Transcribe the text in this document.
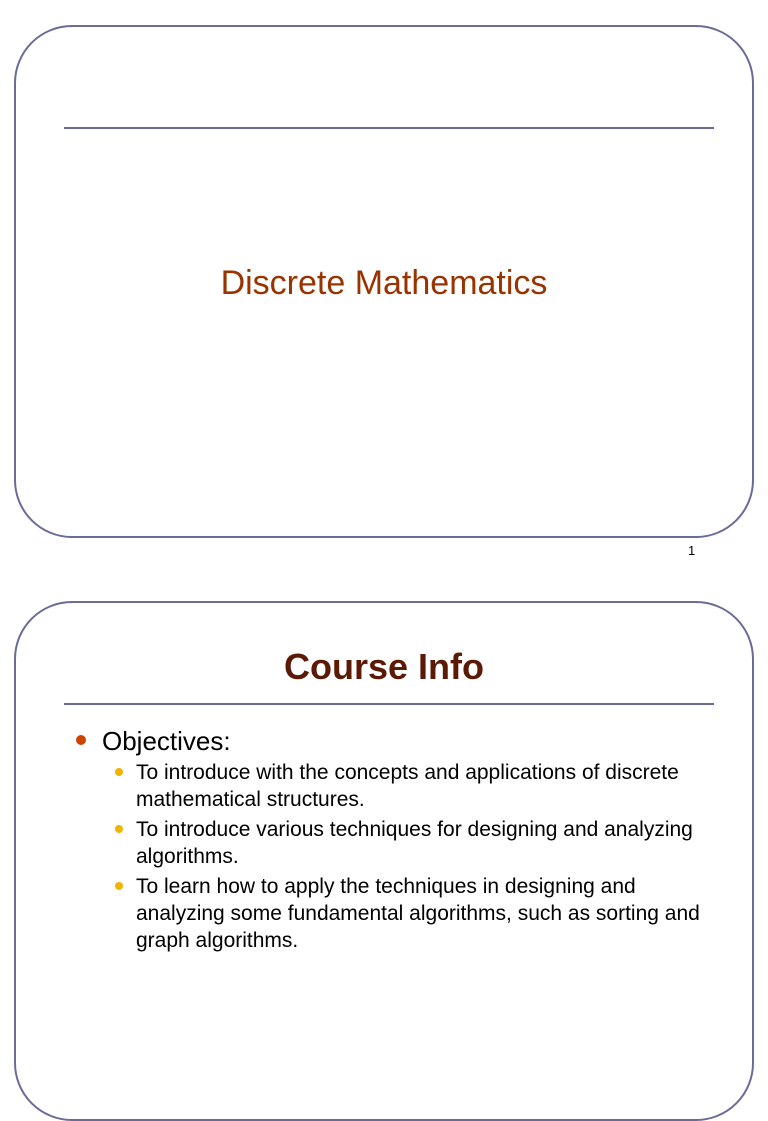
Discrete Mathematics
1
Course Info
Objectives:
To introduce with the concepts and applications of discrete mathematical structures.
To introduce various techniques for designing and analyzing algorithms.
To learn how to apply the techniques in designing and analyzing some fundamental algorithms, such as sorting and graph algorithms.
